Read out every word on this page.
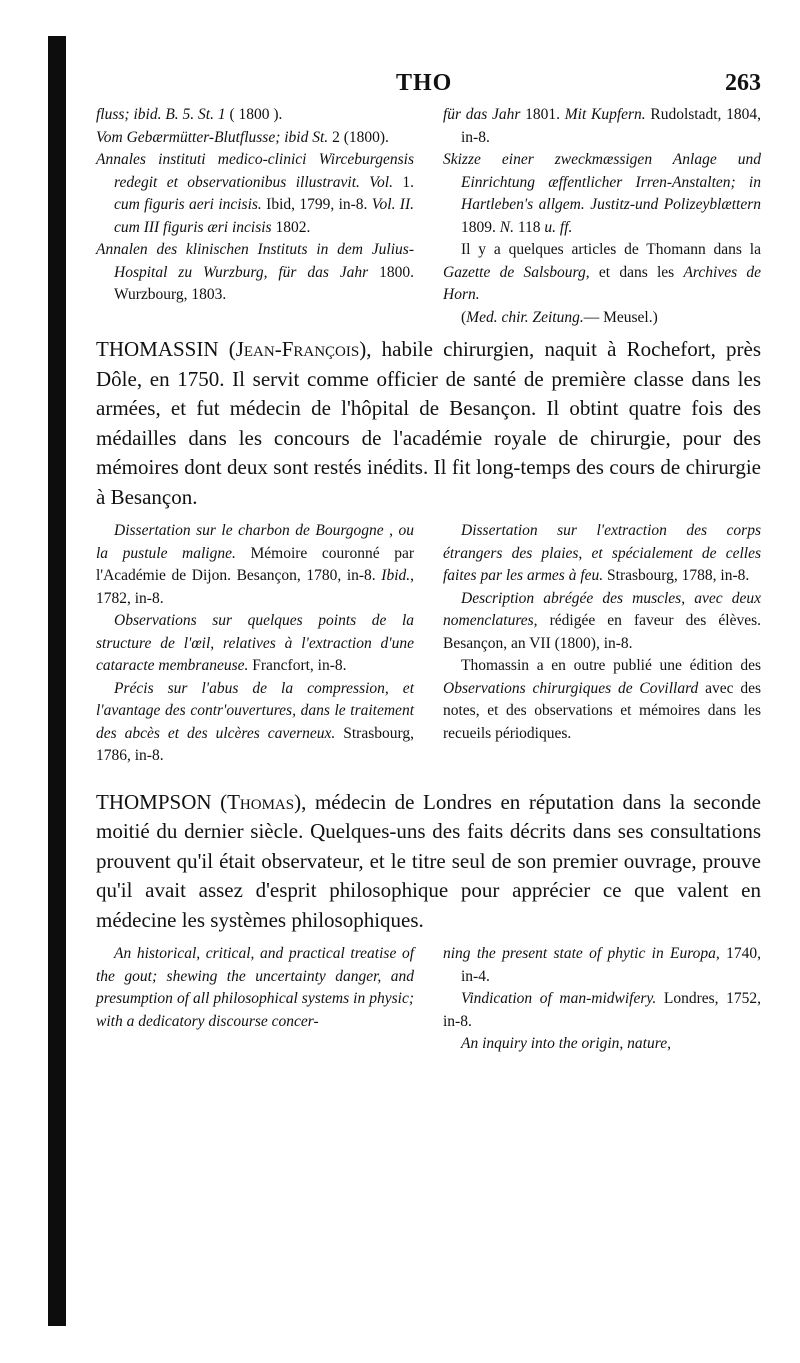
THO	263

fluss; ibid. B. 5. St. 1 ( 1800 ).

Vom Gebærmütter-Blutflusse; ibid St. 2 (1800).

Annales instituti medico-clinici Wirceburgensis redegit et observationibus illustravit. Vol. 1. cum figuris aeri incisis. Ibid, 1799, in-8. Vol. II. cum III figuris æri incisis 1802.

Annalen des klinischen Instituts in dem Julius-Hospital zu Wurzburg, für das Jahr 1800. Wurzbourg, 1803.

für das Jahr 1801. Mit Kupfern. Rudolstadt, 1804, in-8.

Skizze einer zweckmæssigen Anlage und Einrichtung æffentlicher Irren-Anstalten; in Hartleben's allgem. Justitz-und Polizeyblættern 1809. N. 118 u. ff.

Il y a quelques articles de Thomann dans la Gazette de Salsbourg, et dans les Archives de Horn.

(Med. chir. Zeitung.— Meusel.)

THOMASSIN (Jean-François), habile chirurgien, naquit à Rochefort, près Dôle, en 1750. Il servit comme officier de santé de première classe dans les armées, et fut médecin de l'hôpital de Besançon. Il obtint quatre fois des médailles dans les concours de l'académie royale de chirurgie, pour des mémoires dont deux sont restés inédits. Il fit long-temps des cours de chirurgie à Besançon.

Dissertation sur le charbon de Bourgogne , ou la pustule maligne. Mémoire couronné par l'Académie de Dijon. Besançon, 1780, in-8. Ibid., 1782, in-8.

Observations sur quelques points de la structure de l'œil, relatives à l'extraction d'une cataracte membraneuse. Francfort, in-8.

Précis sur l'abus de la compression, et l'avantage des contr'ouvertures, dans le traitement des abcès et des ulcères caverneux. Strasbourg, 1786, in-8.

Dissertation sur l'extraction des corps étrangers des plaies, et spécialement de celles faites par les armes à feu. Strasbourg, 1788, in-8.

Description abrégée des muscles, avec deux nomenclatures, rédigée en faveur des élèves. Besançon, an VII (1800), in-8.

Thomassin a en outre publié une édition des Observations chirurgiques de Covillard avec des notes, et des observations et mémoires dans les recueils périodiques.

THOMPSON (Thomas), médecin de Londres en réputation dans la seconde moitié du dernier siècle. Quelques-uns des faits décrits dans ses consultations prouvent qu'il était observateur, et le titre seul de son premier ouvrage, prouve qu'il avait assez d'esprit philosophique pour apprécier ce que valent en médecine les systèmes philosophiques.

An historical, critical, and practical treatise of the gout; shewing the uncertainty danger, and presumption of all philosophical systems in physic; with a dedicatory discourse concer-

ning the present state of phytic in Europa, 1740, in-4.

Vindication of man-midwifery. Londres, 1752, in-8.

An inquiry into the origin, nature,
